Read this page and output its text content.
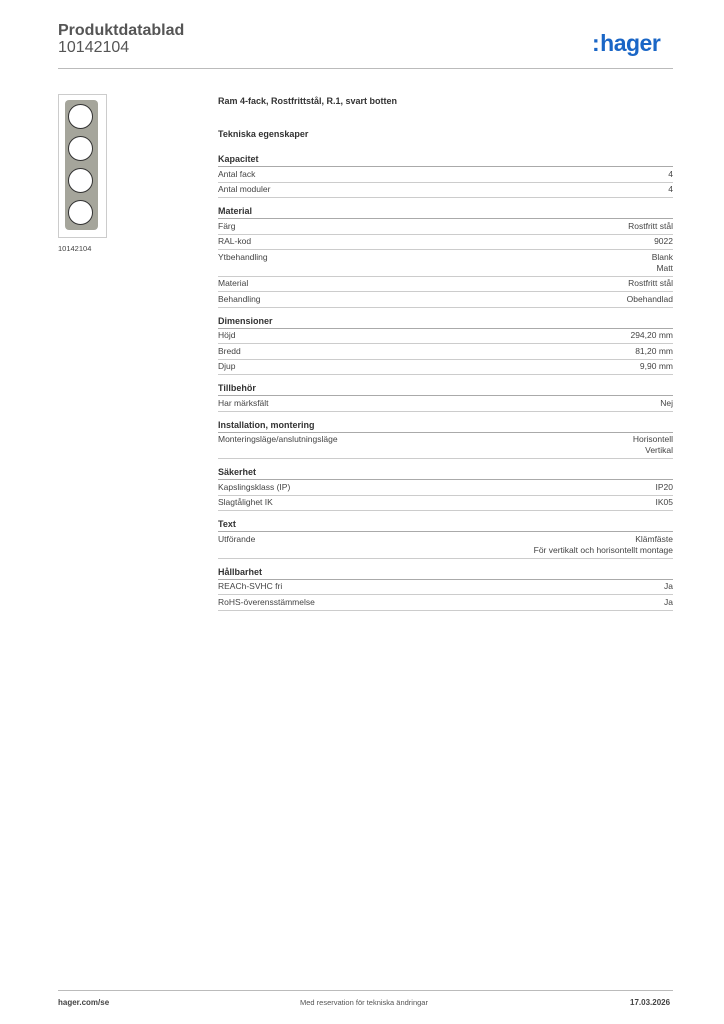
Produktdatablad
10142104	:hager
10142104
Ram 4-fack, Rostfrittstål, R.1, svart botten
Tekniska egenskaper
Kapacitet
Antal fack	4
Antal moduler	4
Material
Färg	Rostfritt stål
RAL-kod	9022
Ytbehandling	Blank
Matt
Material	Rostfritt stål
Behandling	Obehandlad
Dimensioner
Höjd	294,20 mm
Bredd	81,20 mm
Djup	9,90 mm
Tillbehör
Har märksfält	Nej
Installation, montering
Monteringsläge/anslutningsläge	Horisontell
Vertikal
Säkerhet
Kapslingsklass (IP)	IP20
Slagtålighet IK	IK05
Text
Utförande	Klämfäste
För vertikalt och horisontellt montage
Hållbarhet
REACh-SVHC fri	Ja
RoHS-överensstämmelse	Ja
hager.com/se	Med reservation för tekniska ändringar	17.03.2026
